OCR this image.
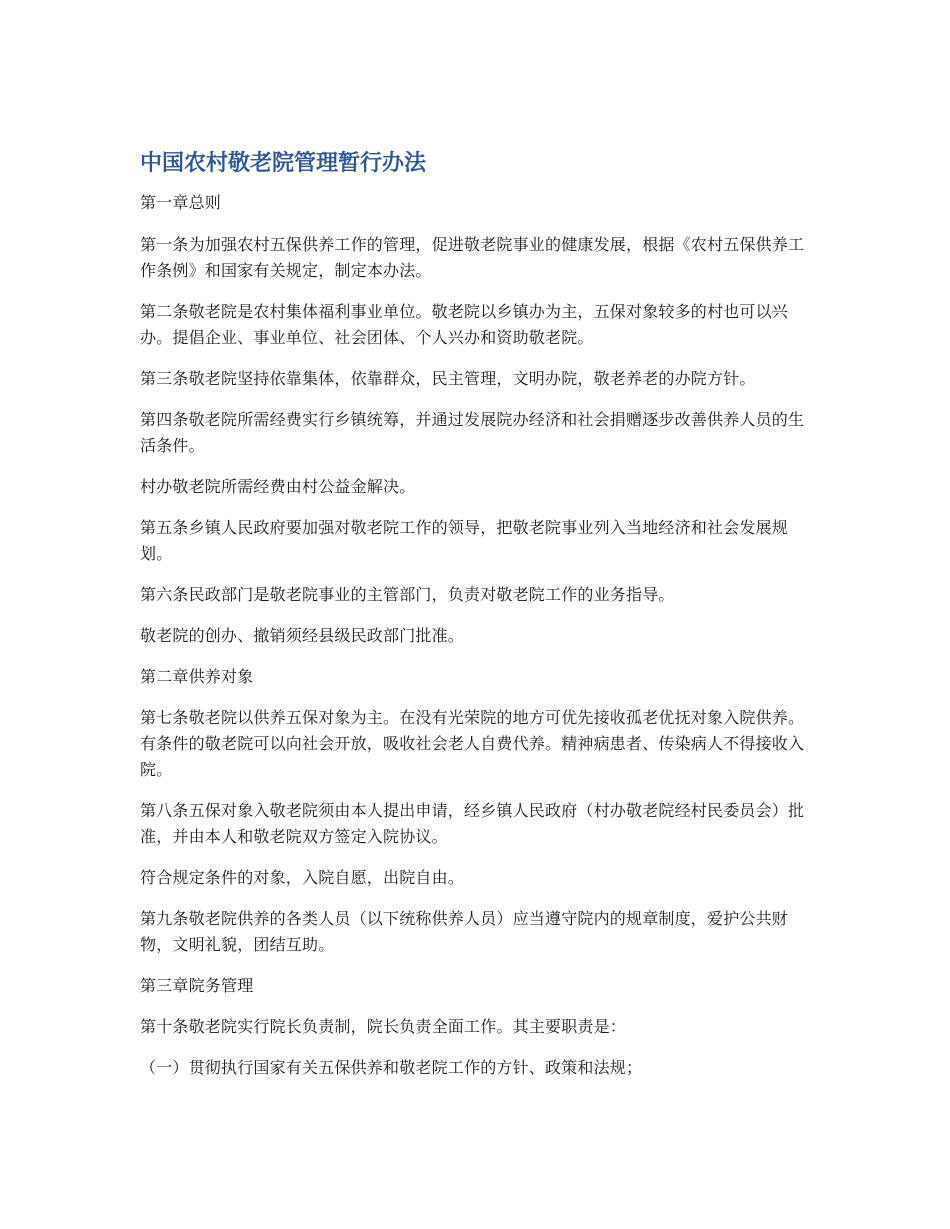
中国农村敬老院管理暂行办法

第一章总则

第一条为加强农村五保供养工作的管理，促进敬老院事业的健康发展，根据《农村五保供养工作条例》和国家有关规定，制定本办法。

第二条敬老院是农村集体福利事业单位。敬老院以乡镇办为主，五保对象较多的村也可以兴办。提倡企业、事业单位、社会团体、个人兴办和资助敬老院。

第三条敬老院坚持依靠集体，依靠群众，民主管理，文明办院，敬老养老的办院方针。

第四条敬老院所需经费实行乡镇统筹，并通过发展院办经济和社会捐赠逐步改善供养人员的生活条件。

村办敬老院所需经费由村公益金解决。

第五条乡镇人民政府要加强对敬老院工作的领导，把敬老院事业列入当地经济和社会发展规划。

第六条民政部门是敬老院事业的主管部门，负责对敬老院工作的业务指导。

敬老院的创办、撤销须经县级民政部门批准。

第二章供养对象

第七条敬老院以供养五保对象为主。在没有光荣院的地方可优先接收孤老优抚对象入院供养。有条件的敬老院可以向社会开放，吸收社会老人自费代养。精神病患者、传染病人不得接收入院。

第八条五保对象入敬老院须由本人提出申请，经乡镇人民政府（村办敬老院经村民委员会）批准，并由本人和敬老院双方签定入院协议。

符合规定条件的对象，入院自愿，出院自由。

第九条敬老院供养的各类人员（以下统称供养人员）应当遵守院内的规章制度，爱护公共财物，文明礼貌，团结互助。

第三章院务管理

第十条敬老院实行院长负责制，院长负责全面工作。其主要职责是：

（一）贯彻执行国家有关五保供养和敬老院工作的方针、政策和法规；
